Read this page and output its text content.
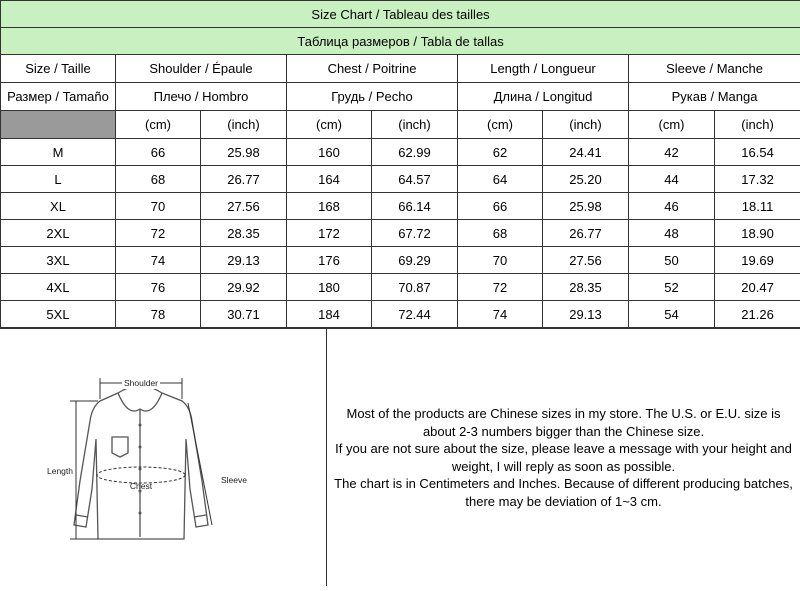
Size Chart / Tableau des tailles								
Таблица размеров / Tabla de tallas								
Size / Taille	Shoulder / Épaule		Chest / Poitrine		Length / Longueur		Sleeve / Manche	
Размер / Tamaño	Плечо / Hombro		Грудь / Pecho		Длина / Longitud		Рукав / Manga	
	(cm)	(inch)	(cm)	(inch)	(cm)	(inch)	(cm)	(inch)
M	66	25.98	160	62.99	62	24.41	42	16.54
L	68	26.77	164	64.57	64	25.20	44	17.32
XL	70	27.56	168	66.14	66	25.98	46	18.11
2XL	72	28.35	172	67.72	68	26.77	48	18.90
3XL	74	29.13	176	69.29	70	27.56	50	19.69
4XL	76	29.92	180	70.87	72	28.35	52	20.47
5XL	78	30.71	184	72.44	74	29.13	54	21.26
Shoulder
Length
Chest
Sleeve

Most of the products are Chinese sizes in my store. The U.S. or E.U. size is about 2-3 numbers bigger than the Chinese size.

If you are not sure about the size, please leave a message with your height and weight, I will reply as soon as possible.

The chart is in Centimeters and Inches. Because of different producing batches, there may be deviation of 1~3 cm.
